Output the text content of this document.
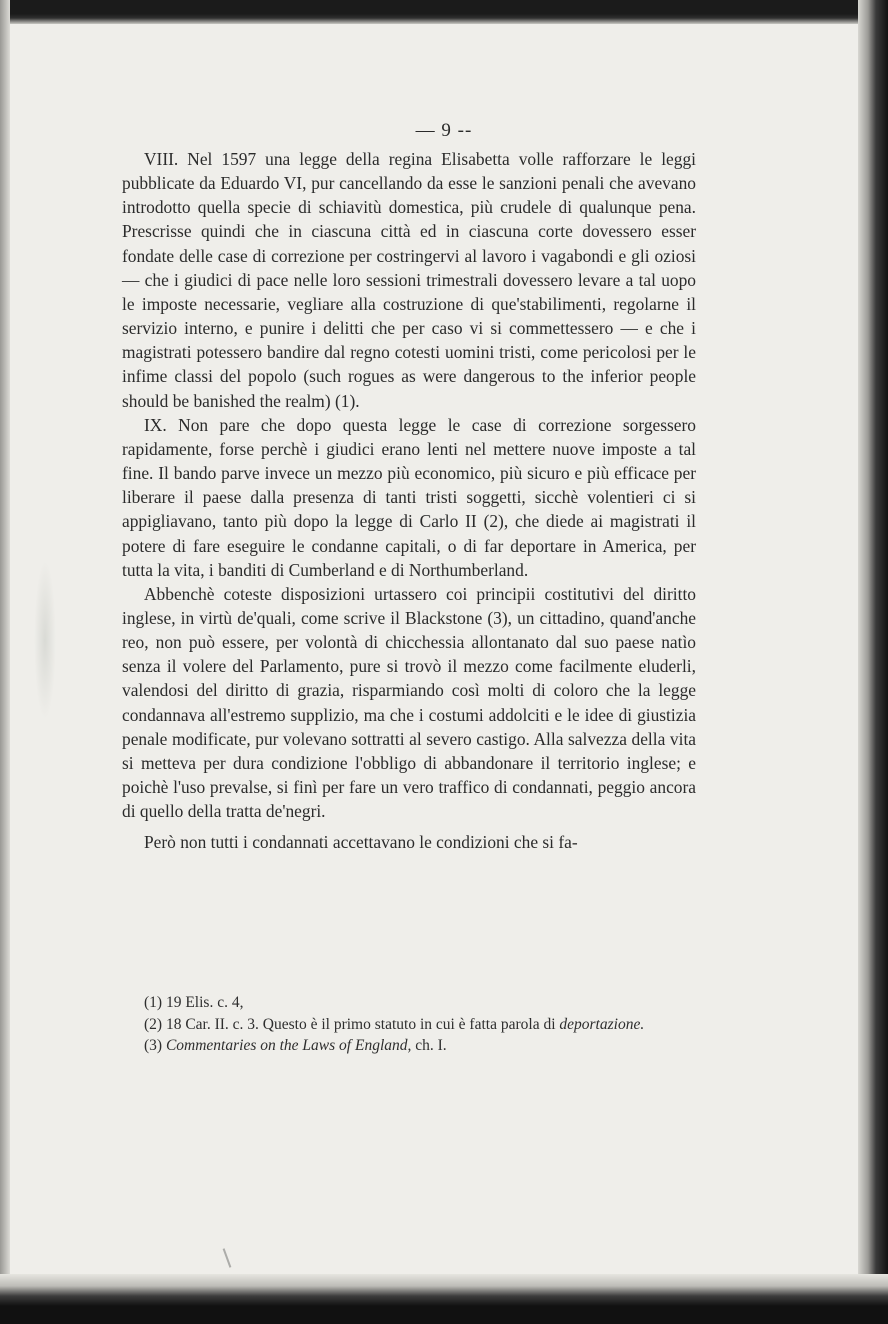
— 9 --

VIII. Nel 1597 una legge della regina Elisabetta volle rafforzare le leggi pubblicate da Eduardo VI, pur cancellando da esse le sanzioni penali che avevano introdotto quella specie di schiavitù domestica, più crudele di qualunque pena. Prescrisse quindi che in ciascuna città ed in ciascuna corte dovessero esser fondate delle case di correzione per costringervi al lavoro i vagabondi e gli oziosi — che i giudici di pace nelle loro sessioni trimestrali dovessero levare a tal uopo le imposte necessarie, vegliare alla costruzione di que'stabilimenti, regolarne il servizio interno, e punire i delitti che per caso vi si commettessero — e che i magistrati potessero bandire dal regno cotesti uomini tristi, come pericolosi per le infime classi del popolo (such rogues as were dangerous to the inferior people should be banished the realm) (1).

IX. Non pare che dopo questa legge le case di correzione sorgessero rapidamente, forse perchè i giudici erano lenti nel mettere nuove imposte a tal fine. Il bando parve invece un mezzo più economico, più sicuro e più efficace per liberare il paese dalla presenza di tanti tristi soggetti, sicchè volentieri ci si appigliavano, tanto più dopo la legge di Carlo II (2), che diede ai magistrati il potere di fare eseguire le condanne capitali, o di far deportare in America, per tutta la vita, i banditi di Cumberland e di Northumberland.

Abbenchè coteste disposizioni urtassero coi principii costitutivi del diritto inglese, in virtù de'quali, come scrive il Blackstone (3), un cittadino, quand'anche reo, non può essere, per volontà di chicchessia allontanato dal suo paese natìo senza il volere del Parlamento, pure si trovò il mezzo come facilmente eluderli, valendosi del diritto di grazia, risparmiando così molti di coloro che la legge condannava all'estremo supplizio, ma che i costumi addolciti e le idee di giustizia penale modificate, pur volevano sottratti al severo castigo. Alla salvezza della vita si metteva per dura condizione l'obbligo di abbandonare il territorio inglese; e poichè l'uso prevalse, si finì per fare un vero traffico di condannati, peggio ancora di quello della tratta de'negri.

Però non tutti i condannati accettavano le condizioni che si fa-

(1) 19 Elis. c. 4,

(2) 18 Car. II. c. 3. Questo è il primo statuto in cui è fatta parola di deportazione.

(3) Commentaries on the Laws of England, ch. I.
